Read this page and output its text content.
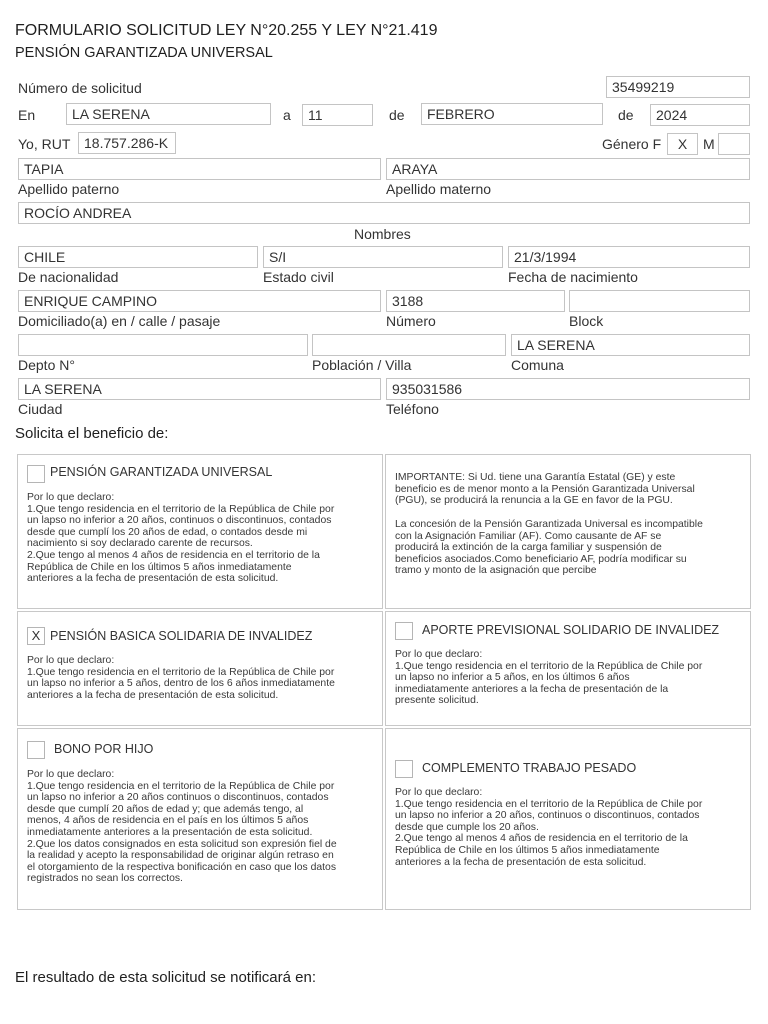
FORMULARIO SOLICITUD LEY N°20.255 Y LEY N°21.419
PENSIÓN GARANTIZADA UNIVERSAL
Número de solicitud	35499219
En	LA SERENA	a	11	de	FEBRERO	de	2024
Yo, RUT 18.757.286-K	Género F	X	M
TAPIA
Apellido paterno
ARAYA
Apellido materno
ROCÍO ANDREA
Nombres
CHILE
De nacionalidad
S/I
Estado civil
21/3/1994
Fecha de nacimiento
ENRIQUE CAMPINO
Domiciliado(a) en / calle / pasaje
3188
Número	Block
Depto N°	Población / Villa
LA SERENA
Comuna
LA SERENA
Ciudad
935031586
Teléfono
Solicita el beneficio de:
PENSIÓN GARANTIZADA UNIVERSAL
Por lo que declaro:
1.Que tengo residencia en el territorio de la República de Chile por
un lapso no inferior a 20 años, continuos o discontinuos, contados
desde que cumplí los 20 años de edad, o contados desde mi
nacimiento si soy declarado carente de recursos.
2.Que tengo al menos 4 años de residencia en el territorio de la
República de Chile en los últimos 5 años inmediatamente
anteriores a la fecha de presentación de esta solicitud.
IMPORTANTE: Si Ud. tiene una Garantía Estatal (GE) y este
beneficio es de menor monto a la Pensión Garantizada Universal
(PGU), se producirá la renuncia a la GE en favor de la PGU.
La concesión de la Pensión Garantizada Universal es incompatible
con la Asignación Familiar (AF). Como causante de AF se
producirá la extinción de la carga familiar y suspensión de
beneficios asociados.Como beneficiario AF, podría modificar su
tramo y monto de la asignación que percibe
X PENSIÓN BASICA SOLIDARIA DE INVALIDEZ
Por lo que declaro:
1.Que tengo residencia en el territorio de la República de Chile por
un lapso no inferior a 5 años, dentro de los 6 años inmediatamente
anteriores a la fecha de presentación de esta solicitud.
APORTE PREVISIONAL SOLIDARIO DE INVALIDEZ
Por lo que declaro:
1.Que tengo residencia en el territorio de la República de Chile por
un lapso no inferior a 5 años, en los últimos 6 años
inmediatamente anteriores a la fecha de presentación de la
presente solicitud.
BONO POR HIJO
Por lo que declaro:
1.Que tengo residencia en el territorio de la República de Chile por
un lapso no inferior a 20 años continuos o discontinuos, contados
desde que cumplí 20 años de edad y; que además tengo, al
menos, 4 años de residencia en el país en los últimos 5 años
inmediatamente anteriores a la presentación de esta solicitud.
2.Que los datos consignados en esta solicitud son expresión fiel de
la realidad y acepto la responsabilidad de originar algún retraso en
el otorgamiento de la respectiva bonificación en caso que los datos
registrados no sean los correctos.
COMPLEMENTO TRABAJO PESADO
Por lo que declaro:
1.Que tengo residencia en el territorio de la República de Chile por
un lapso no inferior a 20 años, continuos o discontinuos, contados
desde que cumple los 20 años.
2.Que tengo al menos 4 años de residencia en el territorio de la
República de Chile en los últimos 5 años inmediatamente
anteriores a la fecha de presentación de esta solicitud.
El resultado de esta solicitud se notificará en:
